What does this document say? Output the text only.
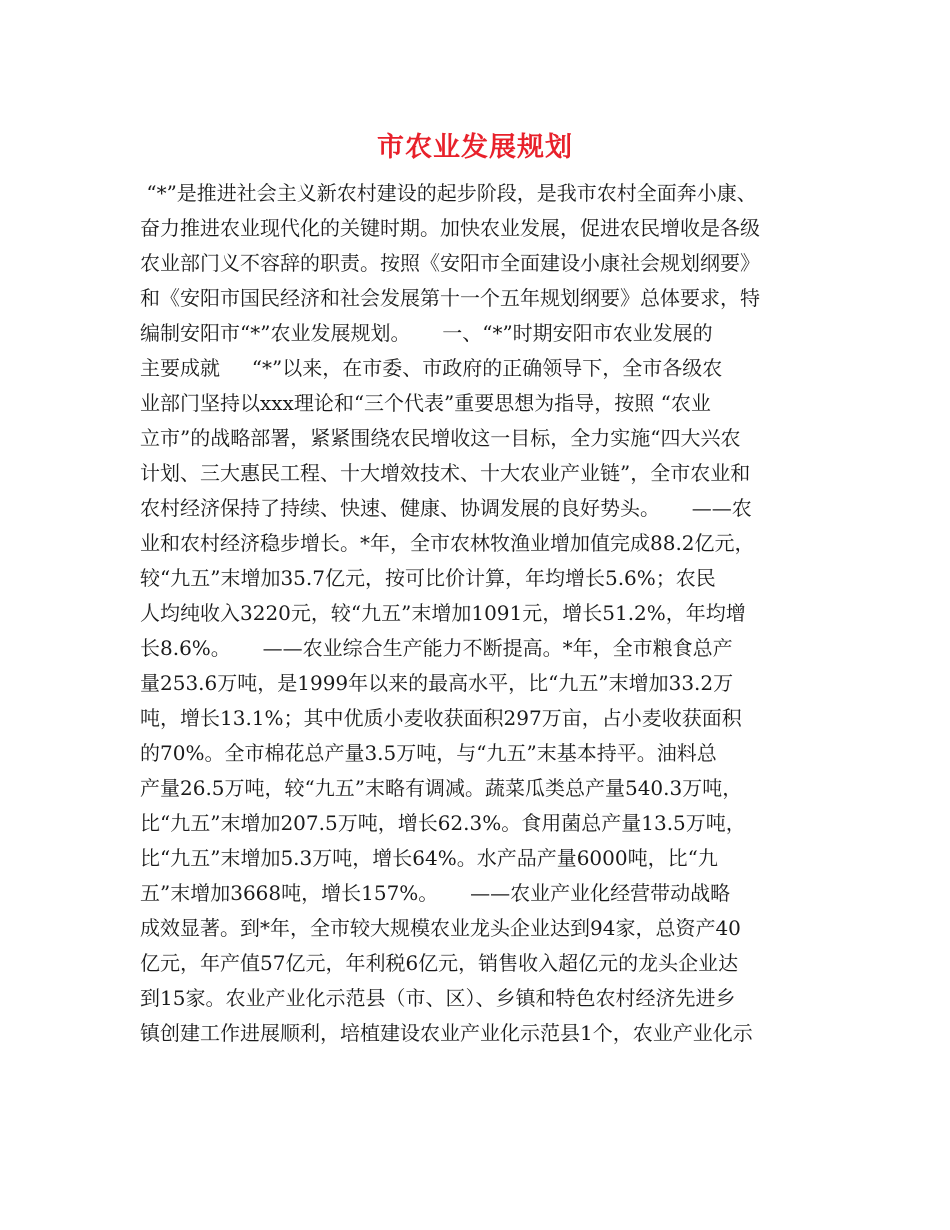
市农业发展规划
“*”是推进社会主义新农村建设的起步阶段，是我市农村全面奔小康、
奋力推进农业现代化的关键时期。加快农业发展，促进农民增收是各级
农业部门义不容辞的职责。按照《安阳市全面建设小康社会规划纲要》
和《安阳市国民经济和社会发展第十一个五年规划纲要》总体要求，特
编制安阳市“*”农业发展规划。     一、“*”时期安阳市农业发展的
主要成就     “*”以来，在市委、市政府的正确领导下，全市各级农
业部门坚持以xxx理论和“三个代表”重要思想为指导，按照 “农业
立市”的战略部署，紧紧围绕农民增收这一目标，全力实施“四大兴农
计划、三大惠民工程、十大增效技术、十大农业产业链”，全市农业和
农村经济保持了持续、快速、健康、协调发展的良好势头。     ——农
业和农村经济稳步增长。*年，全市农林牧渔业增加值完成88.2亿元，
较“九五”末增加35.7亿元，按可比价计算，年均增长5.6%；农民
人均纯收入3220元，较“九五”末增加1091元，增长51.2%，年均增
长8.6%。     ——农业综合生产能力不断提高。*年，全市粮食总产
量253.6万吨，是1999年以来的最高水平，比“九五”末增加33.2万
吨，增长13.1%；其中优质小麦收获面积297万亩，占小麦收获面积
的70%。全市棉花总产量3.5万吨，与“九五”末基本持平。油料总
产量26.5万吨，较“九五”末略有调减。蔬菜瓜类总产量540.3万吨，
比“九五”末增加207.5万吨，增长62.3%。食用菌总产量13.5万吨，
比“九五”末增加5.3万吨，增长64%。水产品产量6000吨，比“九
五”末增加3668吨，增长157%。     ——农业产业化经营带动战略
成效显著。到*年，全市较大规模农业龙头企业达到94家，总资产40
亿元，年产值57亿元，年利税6亿元，销售收入超亿元的龙头企业达
到15家。农业产业化示范县（市、区）、乡镇和特色农村经济先进乡
镇创建工作进展顺利，培植建设农业产业化示范县1个，农业产业化示
